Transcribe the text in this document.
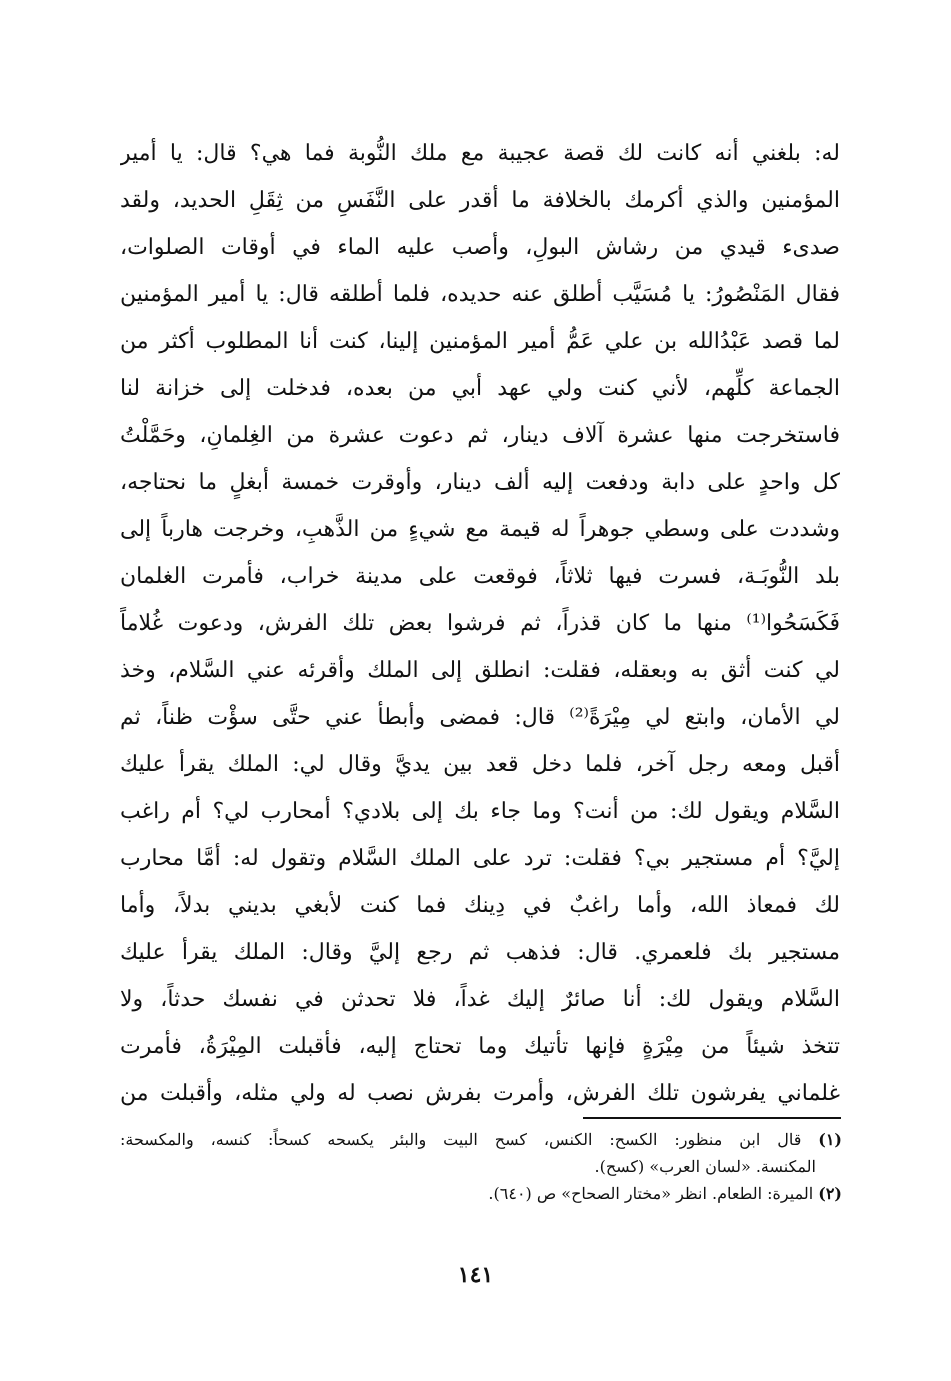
له: بلغني أنه كانت لك قصة عجيبة مع ملك النُّوبة فما هي؟ قال: يا أمير
المؤمنين والذي أكرمك بالخلافة ما أقدر على النَّفَسِ من ثِقَلِ الحديد، ولقد
صدىء قيدي من رشاش البولِ، وأصب عليه الماء في أوقات الصلوات،
فقال المَنْصُورُ: يا مُسَيَّب أطلق عنه حديده، فلما أطلقه قال: يا أمير المؤمنين
لما قصد عَبْدُالله بن علي عَمُّ أمير المؤمنين إلينا، كنت أنا المطلوب أكثر من
الجماعة كلِّهم، لأني كنت ولي عهد أبي من بعده، فدخلت إلى خزانة لنا
فاستخرجت منها عشرة آلاف دينار، ثم دعوت عشرة من الغِلمانِ، وحَمَّلْتُ
كل واحدٍ على دابة ودفعت إليه ألف دينار، وأوقرت خمسة أبغلٍ ما نحتاجه،
وشددت على وسطي جوهراً له قيمة مع شيءٍ من الذَّهبِ، وخرجت هارباً إلى
بلد النُّوبَـة، فسرت فيها ثلاثاً، فوقعت على مدينة خراب، فأمرت الغلمان
فَكَسَحُوا⁽¹⁾ منها ما كان قذراً، ثم فرشوا بعض تلك الفرش، ودعوت غُلاماً
لي كنت أثق به وبعقله، فقلت: انطلق إلى الملك وأقرئه عني السَّلام، وخذ
لي الأمان، وابتع لي مِيْرَةً⁽²⁾ قال: فمضى وأبطأ عني حتَّى سؤْت ظناً، ثم
أقبل ومعه رجل آخر، فلما دخل قعد بين يديَّ وقال لي: الملك يقرأ عليك
السَّلام ويقول لك: من أنت؟ وما جاء بك إلى بلادي؟ أمحارب لي؟ أم راغب
إليَّ؟ أم مستجير بي؟ فقلت: ترد على الملك السَّلام وتقول له: أمَّا محارب
لك فمعاذ الله، وأما راغبٌ في دِينك فما كنت لأبغي بديني بدلاً، وأما
مستجير بك فلعمري. قال: فذهب ثم رجع إليَّ وقال: الملك يقرأ عليك
السَّلام ويقول لك: أنا صائرٌ إليك غداً، فلا تحدثن في نفسك حدثاً، ولا
تتخذ شيئاً من مِيْرَةٍ فإنها تأتيك وما تحتاج إليه، فأقبلت المِيْرَةُ، فأمرت
غلماني يفرشون تلك الفرش، وأمرت بفرش نصب له ولي مثله، وأقبلت من
(١) قال ابن منظور: الكسح: الكنس، كسح البيت والبئر يكسحه كسحاً: كنسه، والمكسحة:
المكنسة. «لسان العرب» (كسح).
(٢) الميرة: الطعام. انظر «مختار الصحاح» ص (٦٤٠).
١٤١
